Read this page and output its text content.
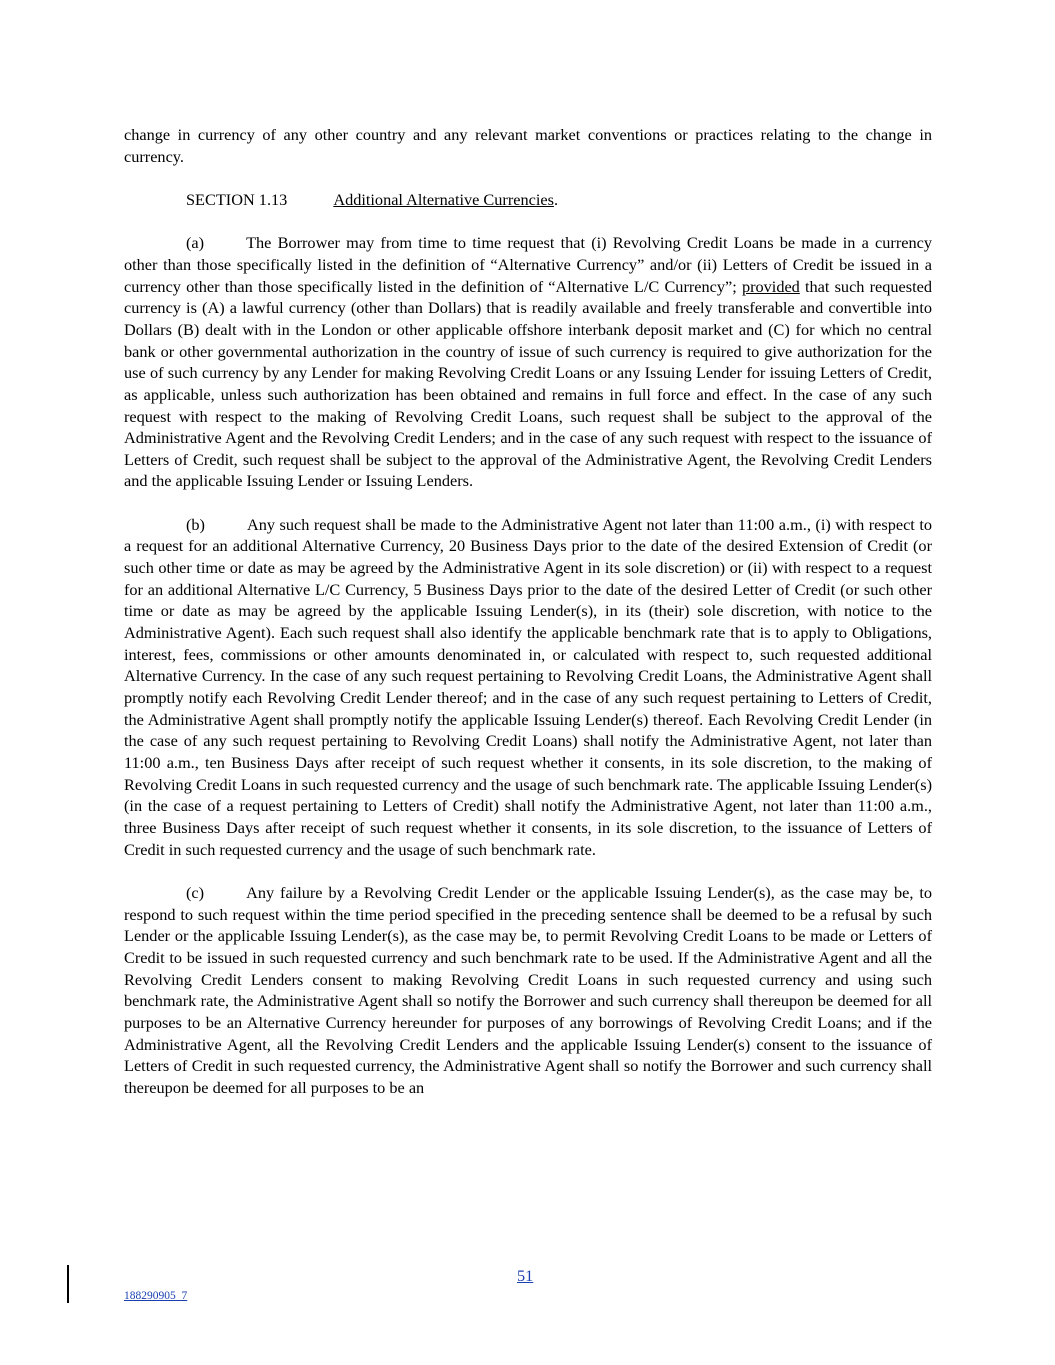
change in currency of any other country and any relevant market conventions or practices relating to the change in currency.

SECTION 1.13	Additional Alternative Currencies.

(a)	The Borrower may from time to time request that (i) Revolving Credit Loans be made in a currency other than those specifically listed in the definition of “Alternative Currency” and/or (ii) Letters of Credit be issued in a currency other than those specifically listed in the definition of “Alternative L/C Currency”; provided that such requested currency is (A) a lawful currency (other than Dollars) that is readily available and freely transferable and convertible into Dollars (B) dealt with in the London or other applicable offshore interbank deposit market and (C) for which no central bank or other governmental authorization in the country of issue of such currency is required to give authorization for the use of such currency by any Lender for making Revolving Credit Loans or any Issuing Lender for issuing Letters of Credit, as applicable, unless such authorization has been obtained and remains in full force and effect. In the case of any such request with respect to the making of Revolving Credit Loans, such request shall be subject to the approval of the Administrative Agent and the Revolving Credit Lenders; and in the case of any such request with respect to the issuance of Letters of Credit, such request shall be subject to the approval of the Administrative Agent, the Revolving Credit Lenders and the applicable Issuing Lender or Issuing Lenders.

(b)	Any such request shall be made to the Administrative Agent not later than 11:00 a.m., (i) with respect to a request for an additional Alternative Currency, 20 Business Days prior to the date of the desired Extension of Credit (or such other time or date as may be agreed by the Administrative Agent in its sole discretion) or (ii) with respect to a request for an additional Alternative L/C Currency, 5 Business Days prior to the date of the desired Letter of Credit (or such other time or date as may be agreed by the applicable Issuing Lender(s), in its (their) sole discretion, with notice to the Administrative Agent). Each such request shall also identify the applicable benchmark rate that is to apply to Obligations, interest, fees, commissions or other amounts denominated in, or calculated with respect to, such requested additional Alternative Currency. In the case of any such request pertaining to Revolving Credit Loans, the Administrative Agent shall promptly notify each Revolving Credit Lender thereof; and in the case of any such request pertaining to Letters of Credit, the Administrative Agent shall promptly notify the applicable Issuing Lender(s) thereof. Each Revolving Credit Lender (in the case of any such request pertaining to Revolving Credit Loans) shall notify the Administrative Agent, not later than 11:00 a.m., ten Business Days after receipt of such request whether it consents, in its sole discretion, to the making of Revolving Credit Loans in such requested currency and the usage of such benchmark rate. The applicable Issuing Lender(s) (in the case of a request pertaining to Letters of Credit) shall notify the Administrative Agent, not later than 11:00 a.m., three Business Days after receipt of such request whether it consents, in its sole discretion, to the issuance of Letters of Credit in such requested currency and the usage of such benchmark rate.

(c)	Any failure by a Revolving Credit Lender or the applicable Issuing Lender(s), as the case may be, to respond to such request within the time period specified in the preceding sentence shall be deemed to be a refusal by such Lender or the applicable Issuing Lender(s), as the case may be, to permit Revolving Credit Loans to be made or Letters of Credit to be issued in such requested currency and such benchmark rate to be used. If the Administrative Agent and all the Revolving Credit Lenders consent to making Revolving Credit Loans in such requested currency and using such benchmark rate, the Administrative Agent shall so notify the Borrower and such currency shall thereupon be deemed for all purposes to be an Alternative Currency hereunder for purposes of any borrowings of Revolving Credit Loans; and if the Administrative Agent, all the Revolving Credit Lenders and the applicable Issuing Lender(s) consent to the issuance of Letters of Credit in such requested currency, the Administrative Agent shall so notify the Borrower and such currency shall thereupon be deemed for all purposes to be an

51
188290905_7
